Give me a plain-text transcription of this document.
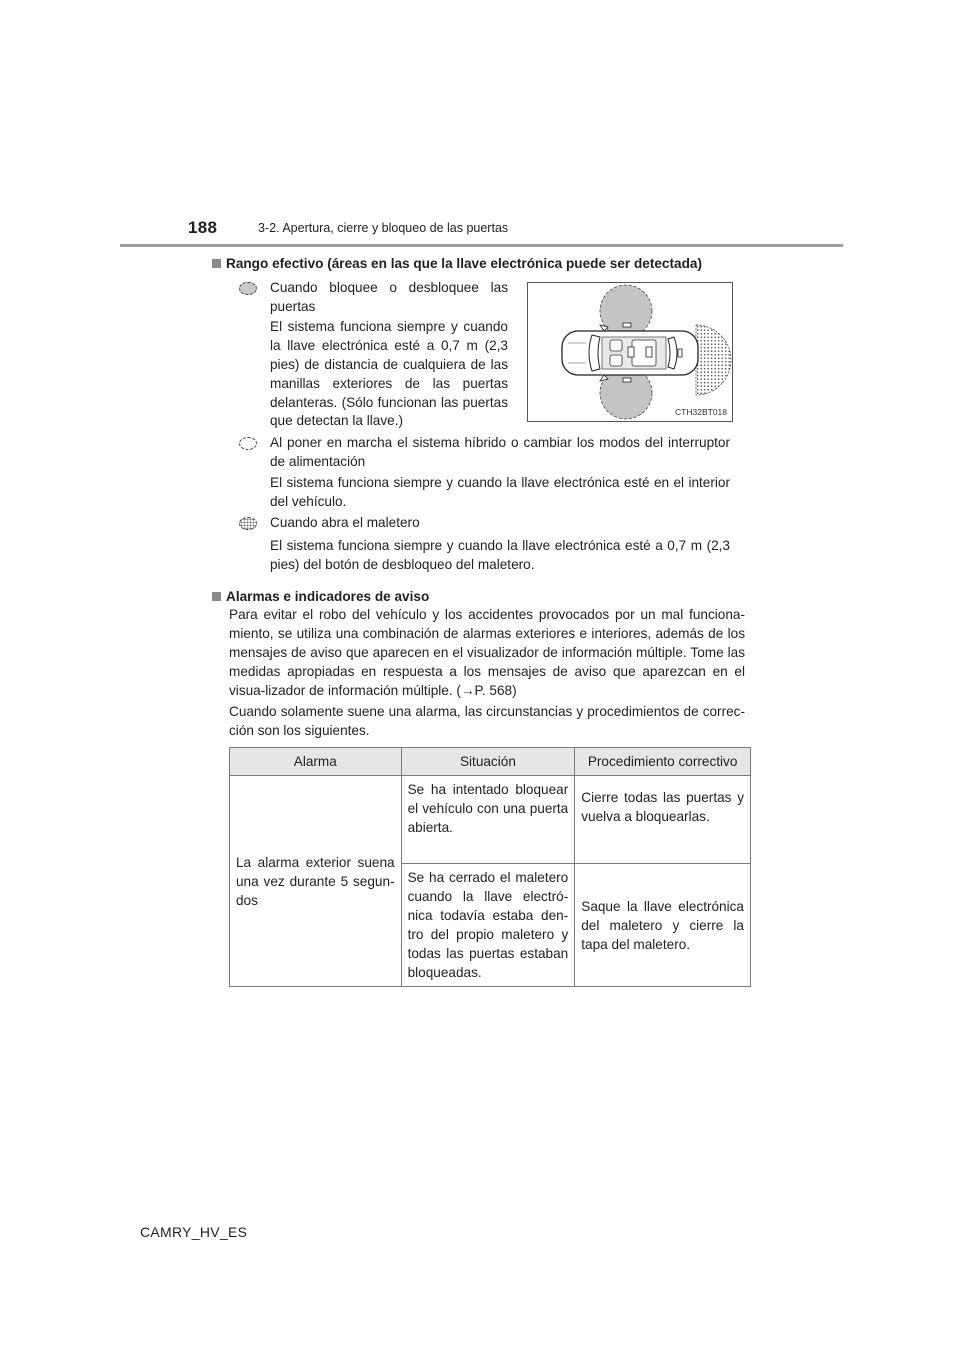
188	3-2. Apertura, cierre y bloqueo de las puertas
Rango efectivo (áreas en las que la llave electrónica puede ser detectada)

Cuando bloquee o desbloquee las puertas

El sistema funciona siempre y cuando la llave electrónica esté a 0,7 m (2,3 pies) de distancia de cualquiera de las manillas exteriores de las puertas delanteras. (Sólo funcionan las puertas que detectan la llave.)

CTH32BT018

Al poner en marcha el sistema híbrido o cambiar los modos del interruptor de alimentación

El sistema funciona siempre y cuando la llave electrónica esté en el interior del vehículo.

Cuando abra el maletero

El sistema funciona siempre y cuando la llave electrónica esté a 0,7 m (2,3 pies) del botón de desbloqueo del maletero.

Alarmas e indicadores de aviso

Para evitar el robo del vehículo y los accidentes provocados por un mal funciona-miento, se utiliza una combinación de alarmas exteriores e interiores, además de los mensajes de aviso que aparecen en el visualizador de información múltiple. Tome las medidas apropiadas en respuesta a los mensajes de aviso que aparezcan en el visua-lizador de información múltiple. (→P. 568)

Cuando solamente suene una alarma, las circunstancias y procedimientos de correc-ción son los siguientes.

Alarma	Situación	Procedimiento correctivo
La alarma exterior suena una vez durante 5 segun-dos	Se ha intentado bloquear el vehículo con una puerta abierta.	Cierre todas las puertas y vuelva a bloquearlas.
	Se ha cerrado el maletero cuando la llave electró-nica todavía estaba den-tro del propio maletero y todas las puertas estaban bloqueadas.	Saque la llave electrónica del maletero y cierre la tapa del maletero.
CAMRY_HV_ES
